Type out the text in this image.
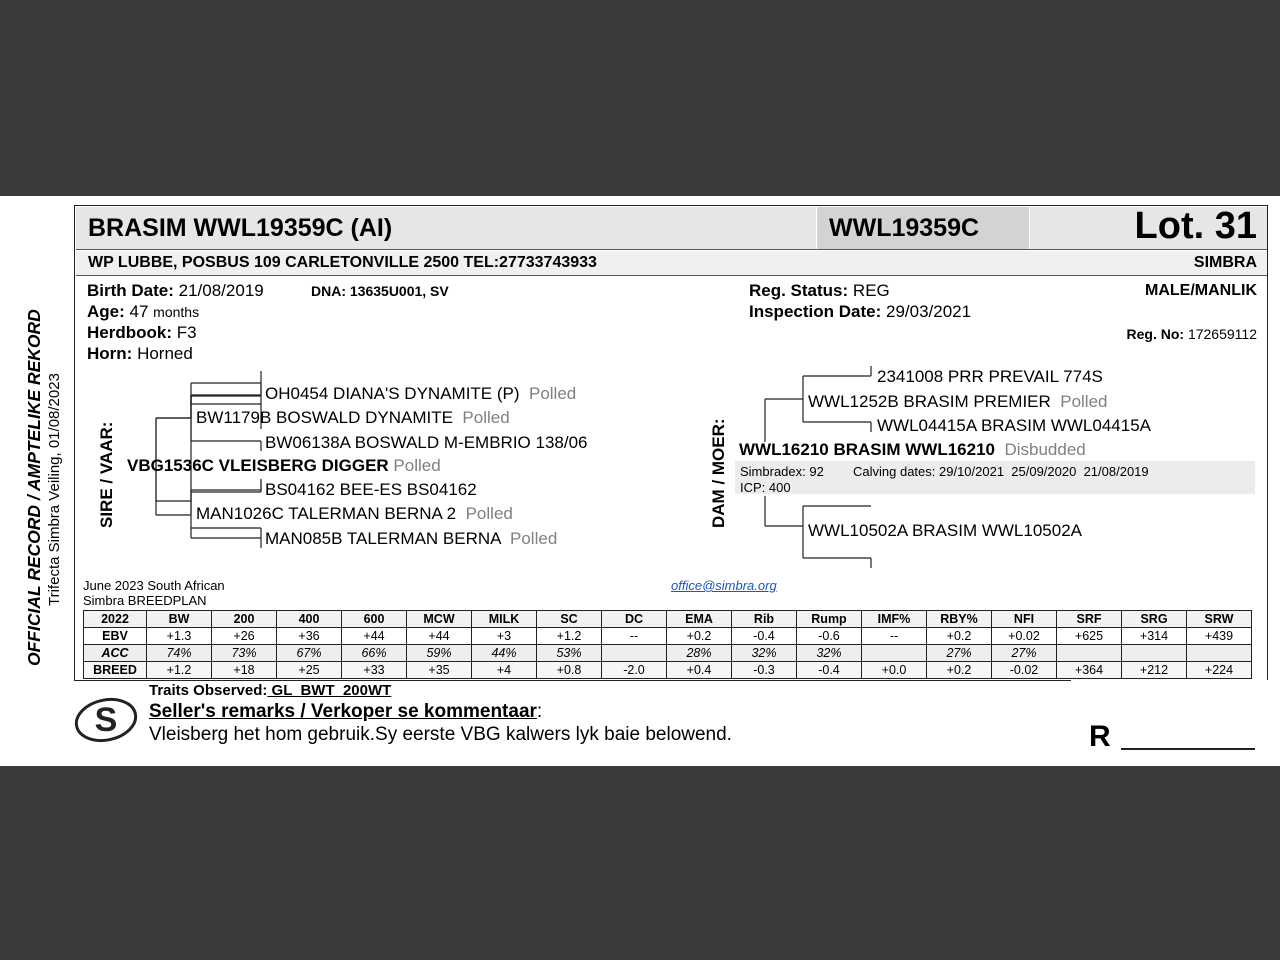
OFFICIAL RECORD / AMPTELIKE REKORD Trifecta Simbra Veiling, 01/08/2023
BRASIM WWL19359C (AI)	WWL19359C	Lot. 31
WP LUBBE, POSBUS 109 CARLETONVILLE 2500 TEL:27733743933	SIMBRA
Birth Date: 21/08/2019	DNA: 13635U001, SV
Age: 47 months
Herdbook: F3
Horn: Horned
Reg. Status: REG	MALE/MANLIK
Inspection Date: 29/03/2021
Reg. No: 172659112
SIRE / VAAR:
OH0454 DIANA'S DYNAMITE (P) Polled
BW1179B BOSWALD DYNAMITE Polled
BW06138A BOSWALD M-EMBRIO 138/06
VBG1536C VLEISBERG DIGGER Polled
BS04162 BEE-ES BS04162
MAN1026C TALERMAN BERNA 2 Polled
MAN085B TALERMAN BERNA Polled
DAM / MOER:
2341008 PRR PREVAIL 774S
WWL1252B BRASIM PREMIER Polled
WWL04415A BRASIM WWL04415A
WWL16210 BRASIM WWL16210 Disbudded
Simbradex: 92 Calving dates: 29/10/2021  25/09/2020  21/08/2019
ICP: 400
WWL10502A BRASIM WWL10502A
June 2023 South African
Simbra BREEDPLAN
office@simbra.org
2022	BW	200	400	600	MCW	MILK	SC	DC	EMA	Rib	Rump	IMF%	RBY%	NFI	SRF	SRG	SRW
EBV	+1.3	+26	+36	+44	+44	+3	+1.2	--	+0.2	-0.4	-0.6	--	+0.2	+0.02	+625	+314	+439
ACC	74%	73%	67%	66%	59%	44%	53%		28%	32%	32%		27%	27%			
BREED	+1.2	+18	+25	+33	+35	+4	+0.8	-2.0	+0.4	-0.3	-0.4	+0.0	+0.2	-0.02	+364	+212	+224
S
Traits Observed: GL  BWT  200WT
Seller's remarks / Verkoper se kommentaar:
Vleisberg het hom gebruik.Sy eerste VBG kalwers lyk baie belowend.	R
